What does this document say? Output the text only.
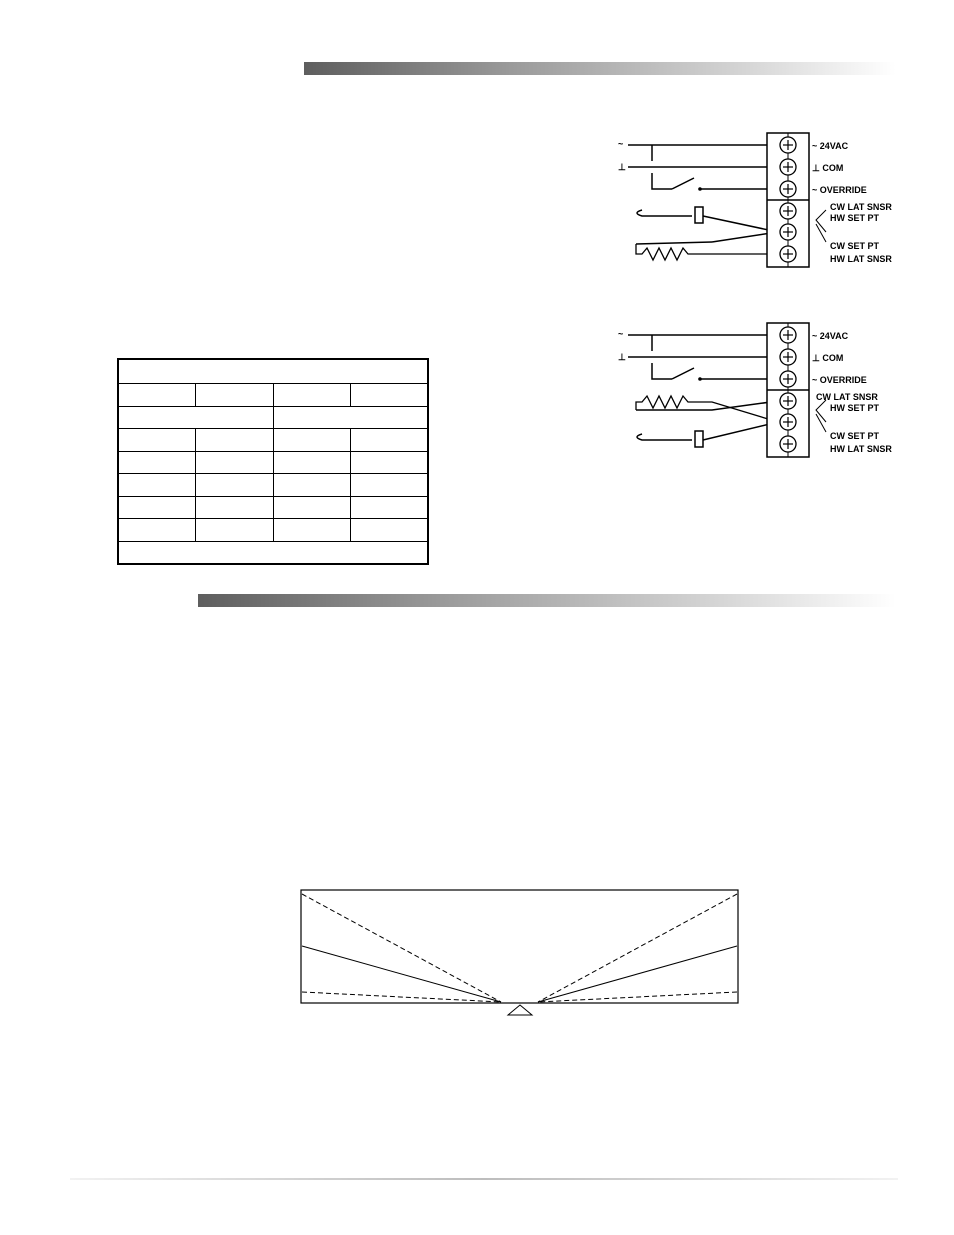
~
⊥
~ 24VAC
⊥ COM
~ OVERRIDE
CW LAT SNSR
HW SET PT
CW SET PT
HW LAT SNSR
~
⊥
~ 24VAC
⊥ COM
~ OVERRIDE
CW LAT SNSR
HW SET PT
CW SET PT
HW LAT SNSR
